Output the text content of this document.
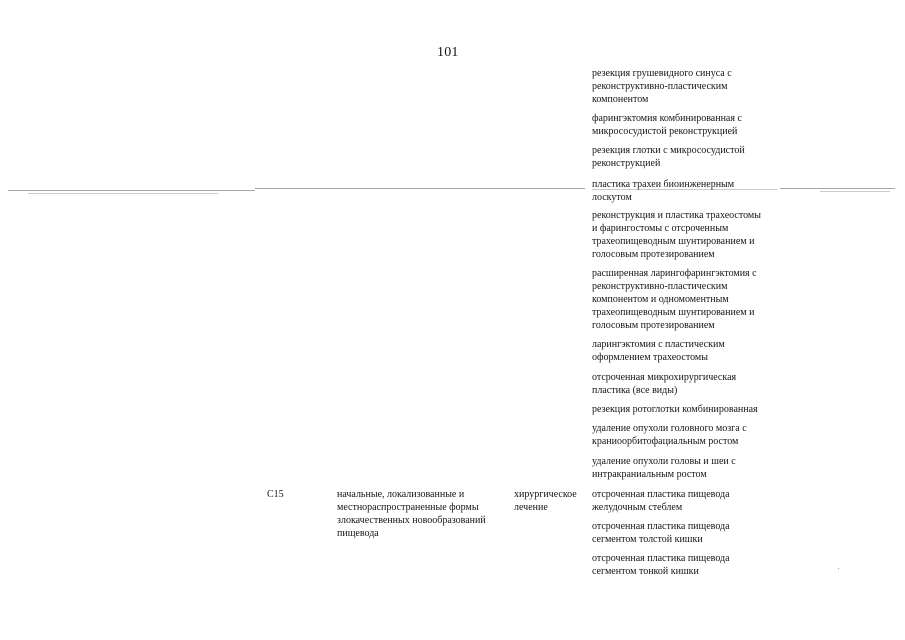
101
резекция грушевидного синуса с
реконструктивно-пластическим
компонентом
фарингэктомия комбинированная с
микрососудистой реконструкцией
резекция глотки с микрососудистой
реконструкцией
пластика трахеи биоинженерным
лоскутом
реконструкция и пластика трахеостомы
и фарингостомы с отсроченным
трахеопищеводным шунтированием и
голосовым протезированием
расширенная ларингофарингэктомия с
реконструктивно-пластическим
компонентом и одномоментным
трахеопищеводным шунтированием и
голосовым протезированием
ларингэктомия с пластическим
оформлением трахеостомы
отсроченная микрохирургическая
пластика (все виды)
резекция ротоглотки комбинированная
удаление опухоли головного мозга с
краниоорбитофациальным ростом
удаление опухоли головы и шеи с
интракраниальным ростом
отсроченная пластика пищевода
желудочным стеблем
отсроченная пластика пищевода
сегментом толстой кишки
отсроченная пластика пищевода
сегментом тонкой кишки
C15	начальные, локализованные и
местнораспространенные формы
злокачественных новообразований
пищевода
хирургическое
лечение
